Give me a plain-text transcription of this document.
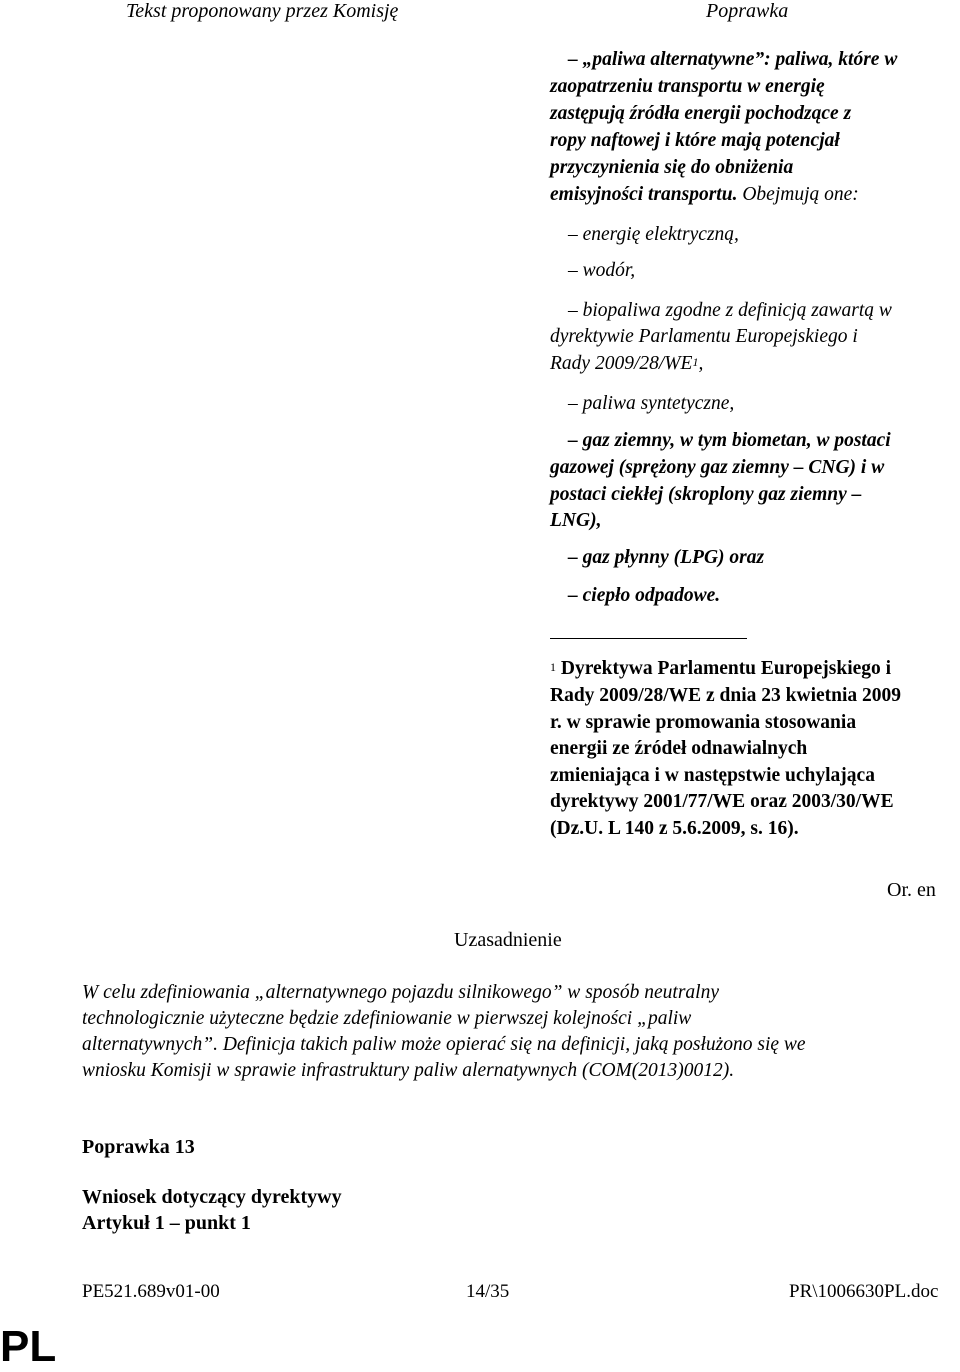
Tekst proponowany przez Komisję	Poprawka
– „paliwa alternatywne”: paliwa, które w
zaopatrzeniu transportu w energię
zastępują źródła energii pochodzące z
ropy naftowej i które mają potencjał
przyczynienia się do obniżenia
emisyjności transportu. Obejmują one:
– energię elektryczną,
– wodór,
– biopaliwa zgodne z definicją zawartą w
dyrektywie Parlamentu Europejskiego i
Rady $2009/28/WE^1$,
– paliwa syntetyczne,
– gaz ziemny, w tym biometan, w postaci
gazowej (sprężony gaz ziemny – CNG) i w
postaci ciekłej (skroplony gaz ziemny –
LNG),
– gaz płynny (LPG) oraz
– ciepło odpadowe.
$^1$ Dyrektywa Parlamentu Europejskiego i
Rady 2009/28/WE z dnia 23 kwietnia 2009
r. w sprawie promowania stosowania
energii ze źródeł odnawialnych
zmieniająca i w następstwie uchylająca
dyrektywy 2001/77/WE oraz 2003/30/WE
(Dz.U. L 140 z 5.6.2009, s. 16).
Or. en
Uzasadnienie
W celu zdefiniowania „alternatywnego pojazdu silnikowego” w sposób neutralny
technologicznie użyteczne będzie zdefiniowanie w pierwszej kolejności „paliw
alternatywnych”. Definicja takich paliw może opierać się na definicji, jaką posłużono się we
wniosku Komisji w sprawie infrastruktury paliw alernatywnych (COM(2013)0012).
Poprawka 13
Wniosek dotyczący dyrektywy
Artykuł 1 – punkt 1
PE521.689v01-00	14/35	PR\1006630PL.doc
PL
